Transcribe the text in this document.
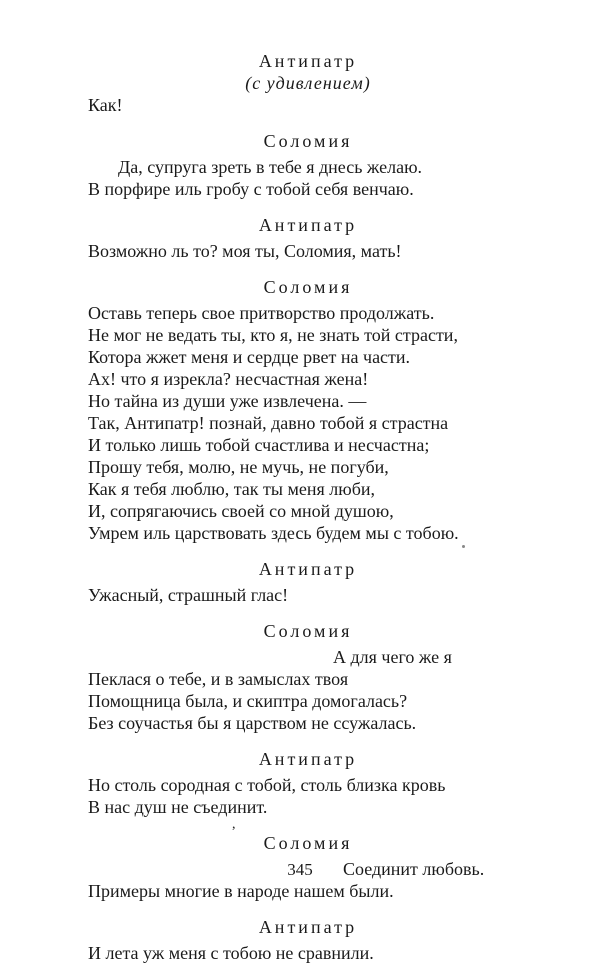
Антипатр

(с удивлением)

Как!

Соломия

Да, супруга зреть в тебе я днесь желаю.

В порфире иль гробу с тобой себя венчаю.

Антипатр

Возможно ль то? моя ты, Соломия, мать!

Соломия

Оставь теперь свое притворство продолжать.

Не мог не ведать ты, кто я, не знать той страсти,

Котора жжет меня и сердце рвет на части.

Ах! что я изрекла? несчастная жена!

Но тайна из души уже извлечена. —

Так, Антипатр! познай, давно тобой я страстна

И только лишь тобой счастлива и несчастна;

Прошу тебя, молю, не мучь, не погуби,

Как я тебя люблю, так ты меня люби,

И, сопрягаючись своей со мной душою,

Умрем иль царствовать здесь будем мы с тобою.

Антипатр

Ужасный, страшный глас!

Соломия

А для чего же я

Пеклася о тебе, и в замыслах твоя

Помощница была, и скиптра домогалась?

Без соучастья бы я царством не ссужалась.

Антипатр

Но столь сородная с тобой, столь близка кровь

В нас душ не съединит.

Соломия

Соединит любовь.

Примеры многие в народе нашем были.

Антипатр

И лета уж меня с тобою не сравнили.

,
345
